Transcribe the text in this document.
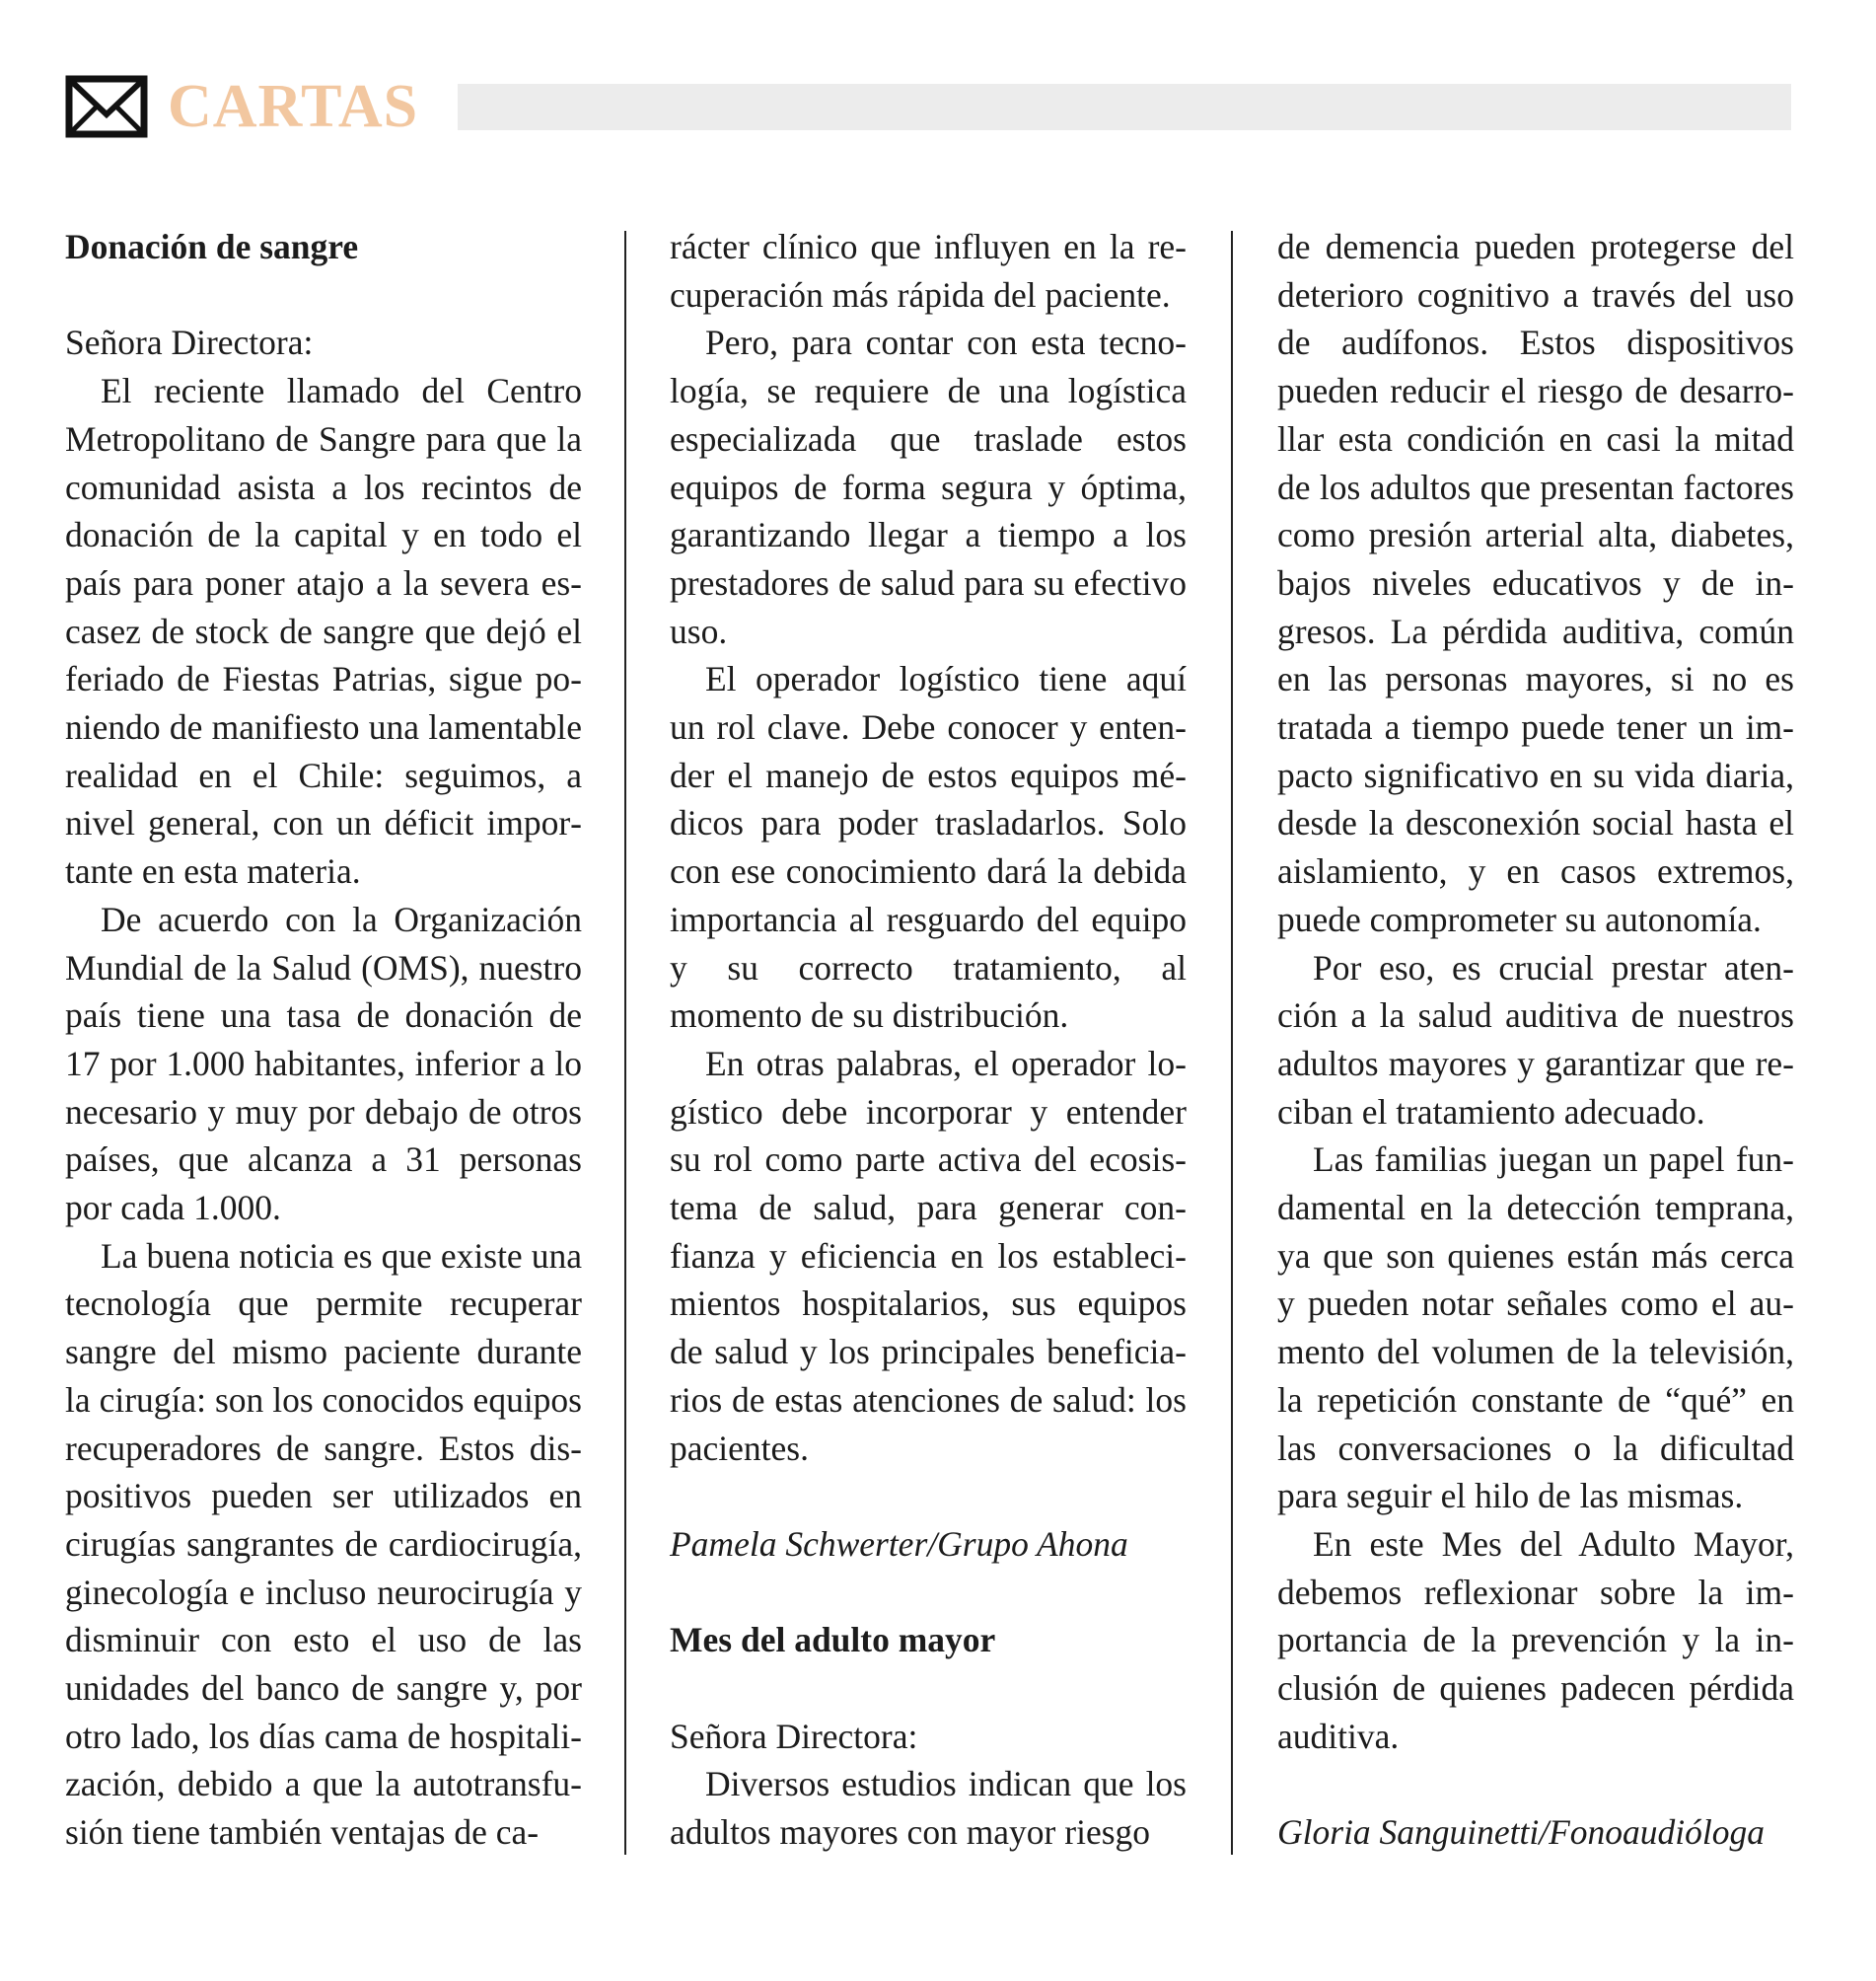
CARTAS

Donación de sangre

Señora Directora:

El reciente llamado del Centro Metropolitano de Sangre para que la comunidad asista a los recintos de donación de la capital y en todo el país para poner atajo a la severa escasez de stock de sangre que dejó el feriado de Fiestas Patrias, sigue poniendo de manifiesto una lamentable realidad en el Chile: seguimos, a nivel general, con un déficit importante en esta materia.

De acuerdo con la Organización Mundial de la Salud (OMS), nuestro país tiene una tasa de donación de 17 por 1.000 habitantes, inferior a lo necesario y muy por debajo de otros países, que alcanza a 31 personas por cada 1.000.

La buena noticia es que existe una tecnología que permite recuperar sangre del mismo paciente durante la cirugía: son los conocidos equipos recuperadores de sangre. Estos dispositivos pueden ser utilizados en cirugías sangrantes de cardiocirugía, ginecología e incluso neurocirugía y disminuir con esto el uso de las unidades del banco de sangre y, por otro lado, los días cama de hospitalización, debido a que la autotransfusión tiene también ventajas de ca-

rácter clínico que influyen en la recuperación más rápida del paciente.

Pero, para contar con esta tecnología, se requiere de una logística especializada que traslade estos equipos de forma segura y óptima, garantizando llegar a tiempo a los prestadores de salud para su efectivo uso.

El operador logístico tiene aquí un rol clave. Debe conocer y entender el manejo de estos equipos médicos para poder trasladarlos. Solo con ese conocimiento dará la debida importancia al resguardo del equipo y su correcto tratamiento, al momento de su distribución.

En otras palabras, el operador logístico debe incorporar y entender su rol como parte activa del ecosistema de salud, para generar confianza y eficiencia en los establecimientos hospitalarios, sus equipos de salud y los principales beneficiarios de estas atenciones de salud: los pacientes.

Pamela Schwerter/Grupo Ahona

Mes del adulto mayor

Señora Directora:

Diversos estudios indican que los adultos mayores con mayor riesgo

de demencia pueden protegerse del deterioro cognitivo a través del uso de audífonos. Estos dispositivos pueden reducir el riesgo de desarrollar esta condición en casi la mitad de los adultos que presentan factores como presión arterial alta, diabetes, bajos niveles educativos y de ingresos. La pérdida auditiva, común en las personas mayores, si no es tratada a tiempo puede tener un impacto significativo en su vida diaria, desde la desconexión social hasta el aislamiento, y en casos extremos, puede comprometer su autonomía.

Por eso, es crucial prestar atención a la salud auditiva de nuestros adultos mayores y garantizar que reciban el tratamiento adecuado.

Las familias juegan un papel fundamental en la detección temprana, ya que son quienes están más cerca y pueden notar señales como el aumento del volumen de la televisión, la repetición constante de “qué” en las conversaciones o la dificultad para seguir el hilo de las mismas.

En este Mes del Adulto Mayor, debemos reflexionar sobre la importancia de la prevención y la inclusión de quienes padecen pérdida auditiva.

Gloria Sanguinetti/Fonoaudióloga
